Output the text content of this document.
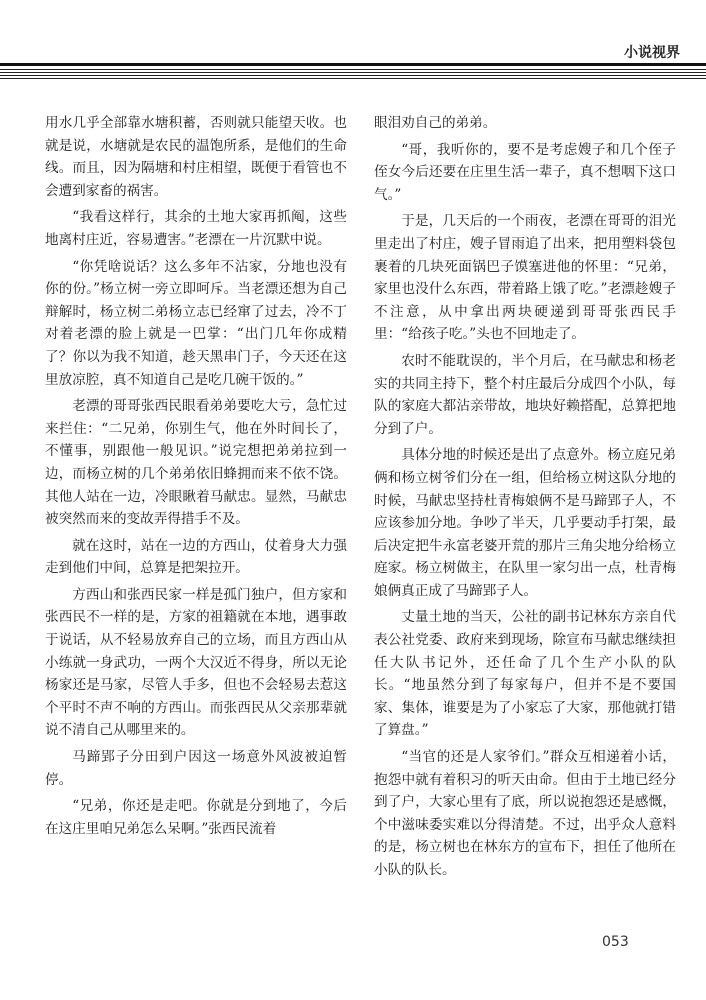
小说视界

用水几乎全部靠水塘积蓄，否则就只能望天收。也就是说，水塘就是农民的温饱所系，是他们的生命线。而且，因为隔塘和村庄相望，既便于看管也不会遭到家畜的祸害。

“我看这样行，其余的土地大家再抓阄，这些地离村庄近，容易遭害。”老漂在一片沉默中说。

“你凭啥说话？这么多年不沾家，分地也没有你的份。”杨立树一旁立即呵斥。当老漂还想为自己辩解时，杨立树二弟杨立志已经窜了过去，冷不丁对着老漂的脸上就是一巴掌：“出门几年你成精了？你以为我不知道，趁天黑串门子，今天还在这里放凉腔，真不知道自己是吃几碗干饭的。”

老漂的哥哥张西民眼看弟弟要吃大亏，急忙过来拦住：“二兄弟，你别生气，他在外时间长了，不懂事，别跟他一般见识。”说完想把弟弟拉到一边，而杨立树的几个弟弟依旧蜂拥而来不依不饶。其他人站在一边，冷眼瞅着马献忠。显然，马献忠被突然而来的变故弄得措手不及。

就在这时，站在一边的方西山，仗着身大力强走到他们中间，总算是把架拉开。

方西山和张西民家一样是孤门独户，但方家和张西民不一样的是，方家的祖籍就在本地，遇事敢于说话，从不轻易放弃自己的立场，而且方西山从小练就一身武功，一两个大汉近不得身，所以无论杨家还是马家，尽管人手多，但也不会轻易去惹这个平时不声不响的方西山。而张西民从父亲那辈就说不清自己从哪里来的。

马蹄郢子分田到户因这一场意外风波被迫暂停。

“兄弟，你还是走吧。你就是分到地了，今后在这庄里咱兄弟怎么呆啊。”张西民流着

眼泪劝自己的弟弟。

“哥，我听你的，要不是考虑嫂子和几个侄子侄女今后还要在庄里生活一辈子，真不想咽下这口气。”

于是，几天后的一个雨夜，老漂在哥哥的泪光里走出了村庄，嫂子冒雨追了出来，把用塑料袋包裹着的几块死面锅巴子馍塞进他的怀里：“兄弟，家里也没什么东西，带着路上饿了吃。”老漂趁嫂子不注意，从中拿出两块硬递到哥哥张西民手里：“给孩子吃。”头也不回地走了。

农时不能耽误的，半个月后，在马献忠和杨老实的共同主持下，整个村庄最后分成四个小队，每队的家庭大都沾亲带故，地块好赖搭配，总算把地分到了户。

具体分地的时候还是出了点意外。杨立庭兄弟俩和杨立树爷们分在一组，但给杨立树这队分地的时候，马献忠坚持杜青梅娘俩不是马蹄郢子人，不应该参加分地。争吵了半天，几乎要动手打架，最后决定把牛永富老婆开荒的那片三角尖地分给杨立庭家。杨立树做主，在队里一家匀出一点，杜青梅娘俩真正成了马蹄郢子人。

丈量土地的当天，公社的副书记林东方亲自代表公社党委、政府来到现场，除宣布马献忠继续担任大队书记外，还任命了几个生产小队的队长。“地虽然分到了每家每户，但并不是不要国家、集体，谁要是为了小家忘了大家，那他就打错了算盘。”

“当官的还是人家爷们。”群众互相递着小话，抱怨中就有着积习的听天由命。但由于土地已经分到了户，大家心里有了底，所以说抱怨还是感慨，个中滋味委实难以分得清楚。不过，出乎众人意料的是，杨立树也在林东方的宣布下，担任了他所在小队的队长。

053
